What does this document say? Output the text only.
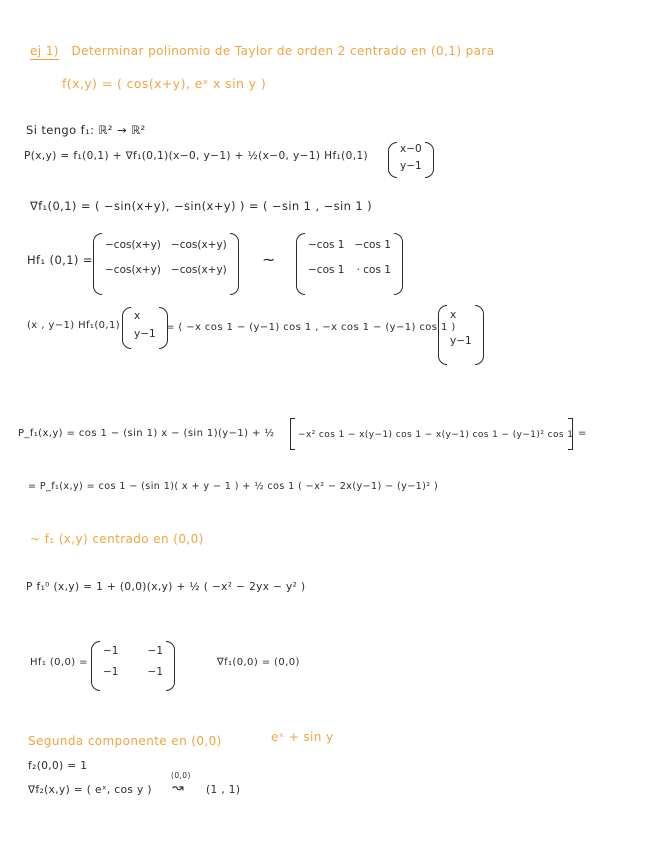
ej 1) Determinar polinomio de Taylor de orden 2 centrado en (0,1) para
f(x,y) = ( cos(x+y), eˣ x sin y )
Si tengo f₁: ℝ² → ℝ²
P(x,y) = f₁(0,1) + ∇f₁(0,1)(x−0, y−1) + ½(x−0, y−1) Hf₁(0,1)
x−0
y−1
∇f₁(0,1) = ( −sin(x+y), −sin(x+y) ) = ( −sin 1 , −sin 1 )
Hf₁ (0,1) =
−cos(x+y) −cos(x+y)
−cos(x+y) −cos(x+y)
~
−cos 1 −cos 1
−cos 1 · cos 1
(x , y−1) Hf₁(0,1)
x
y−1
= ( −x cos 1 − (y−1) cos 1 , −x cos 1 − (y−1) cos 1 )
x
y−1
P_f₁(x,y) = cos 1 − (sin 1) x − (sin 1)(y−1) + ½	−x² cos 1 − x(y−1) cos 1 − x(y−1) cos 1 − (y−1)² cos 1 =
= P_f₁(x,y) = cos 1 − (sin 1)( x + y − 1 ) + ½ cos 1 ( −x² − 2x(y−1) − (y−1)² )
~ f₁ (x,y) centrado en (0,0)
P f₁⁰ (x,y) = 1 + (0,0)(x,y) + ½ ( −x² − 2yx − y² )
Hf₁ (0,0) =
−1	−1
−1	−1
∇f₁(0,0) = (0,0)
Segunda componente en (0,0)	eˣ + sin y
f₂(0,0) = 1
∇f₂(x,y) = ( eˣ, cos y )
(0,0)
↝ (1 , 1)
